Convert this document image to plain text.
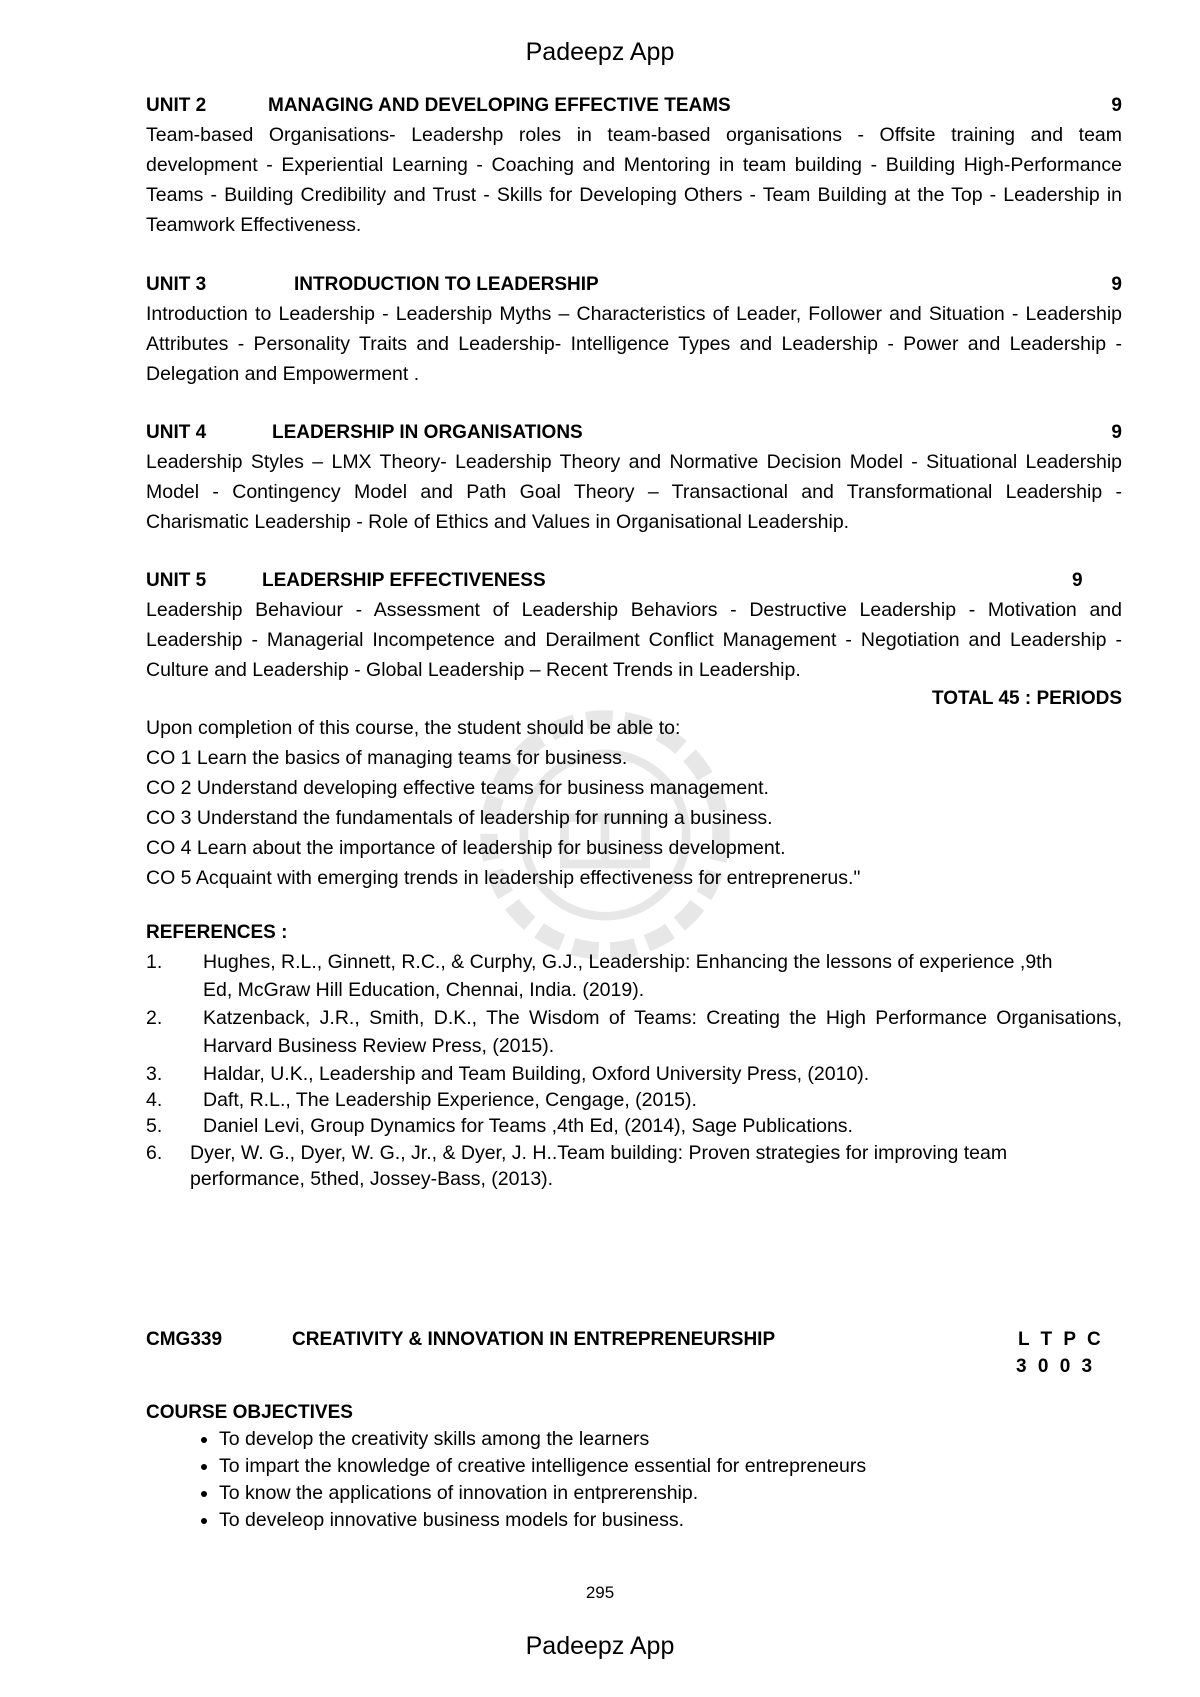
Padeepz App
UNIT 2	MANAGING AND DEVELOPING EFFECTIVE TEAMS	9
Team-based Organisations- Leadershp roles in team-based organisations - Offsite training and team development - Experiential Learning - Coaching and Mentoring in team building - Building High-Performance Teams - Building Credibility and Trust - Skills for Developing Others - Team Building at the Top - Leadership in Teamwork Effectiveness.
UNIT 3	INTRODUCTION TO LEADERSHIP	9
Introduction to Leadership - Leadership Myths – Characteristics of Leader, Follower and Situation - Leadership Attributes - Personality Traits and Leadership- Intelligence Types and Leadership - Power and Leadership - Delegation and Empowerment .
UNIT 4	LEADERSHIP IN ORGANISATIONS	9
Leadership Styles – LMX Theory- Leadership Theory and Normative Decision Model - Situational Leadership Model - Contingency Model and Path Goal Theory – Transactional and Transformational Leadership - Charismatic Leadership - Role of Ethics and Values in Organisational Leadership.
UNIT 5	LEADERSHIP EFFECTIVENESS	9
Leadership Behaviour - Assessment of Leadership Behaviors - Destructive Leadership - Motivation and Leadership - Managerial Incompetence and Derailment Conflict Management - Negotiation and Leadership - Culture and Leadership - Global Leadership – Recent Trends in Leadership.
TOTAL 45 : PERIODS
Upon completion of this course, the student should be able to:
CO 1 Learn the basics of managing teams for business.
CO 2 Understand developing effective teams for business management.
CO 3 Understand the fundamentals of leadership for running a business.
CO 4 Learn about the importance of leadership for business development.
CO 5 Acquaint with emerging trends in leadership effectiveness for entreprenerus."
REFERENCES :
1.	Hughes, R.L., Ginnett, R.C., & Curphy, G.J., Leadership: Enhancing the lessons of experience ,9th Ed, McGraw Hill Education, Chennai, India. (2019).
2.	Katzenback, J.R., Smith, D.K., The Wisdom of Teams: Creating the High Performance Organisations, Harvard Business Review Press, (2015).
3.	Haldar, U.K., Leadership and Team Building, Oxford University Press, (2010).
4.	Daft, R.L., The Leadership Experience, Cengage, (2015).
5.	Daniel Levi, Group Dynamics for Teams ,4th Ed, (2014), Sage Publications.
6.	Dyer, W. G., Dyer, W. G., Jr., & Dyer, J. H..Team building: Proven strategies for improving team performance, 5thed, Jossey-Bass, (2013).
CMG339	CREATIVITY & INNOVATION IN ENTREPRENEURSHIP	L T P C
3 0 0 3
COURSE OBJECTIVES
• To develop the creativity skills among the learners
• To impart the knowledge of creative intelligence essential for entrepreneurs
• To know the applications of innovation in entprerenship.
• To develeop innovative business models for business.
295
Padeepz App
